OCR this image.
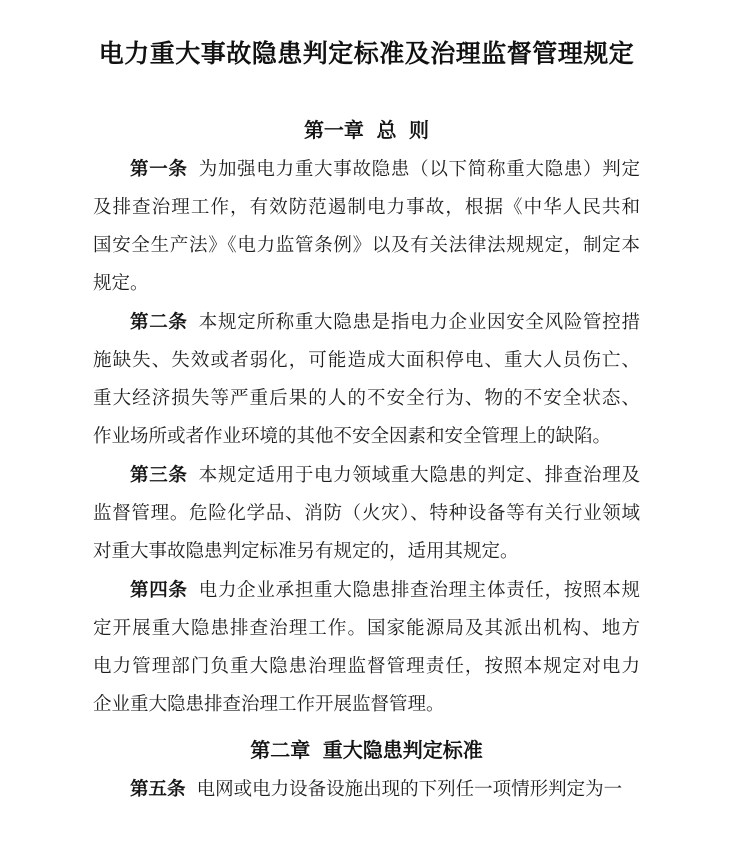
电力重大事故隐患判定标准及治理监督管理规定
第一章 总 则
第一条 为加强电力重大事故隐患（以下简称重大隐患）判定
及排查治理工作，有效防范遏制电力事故，根据《中华人民共和
国安全生产法》《电力监管条例》以及有关法律法规规定，制定本
规定。
第二条 本规定所称重大隐患是指电力企业因安全风险管控措
施缺失、失效或者弱化，可能造成大面积停电、重大人员伤亡、
重大经济损失等严重后果的人的不安全行为、物的不安全状态、
作业场所或者作业环境的其他不安全因素和安全管理上的缺陷。
第三条 本规定适用于电力领域重大隐患的判定、排查治理及
监督管理。危险化学品、消防（火灾）、特种设备等有关行业领域
对重大事故隐患判定标准另有规定的，适用其规定。
第四条 电力企业承担重大隐患排查治理主体责任，按照本规
定开展重大隐患排查治理工作。国家能源局及其派出机构、地方
电力管理部门负重大隐患治理监督管理责任，按照本规定对电力
企业重大隐患排查治理工作开展监督管理。
第二章 重大隐患判定标准
第五条 电网或电力设备设施出现的下列任一项情形判定为一
